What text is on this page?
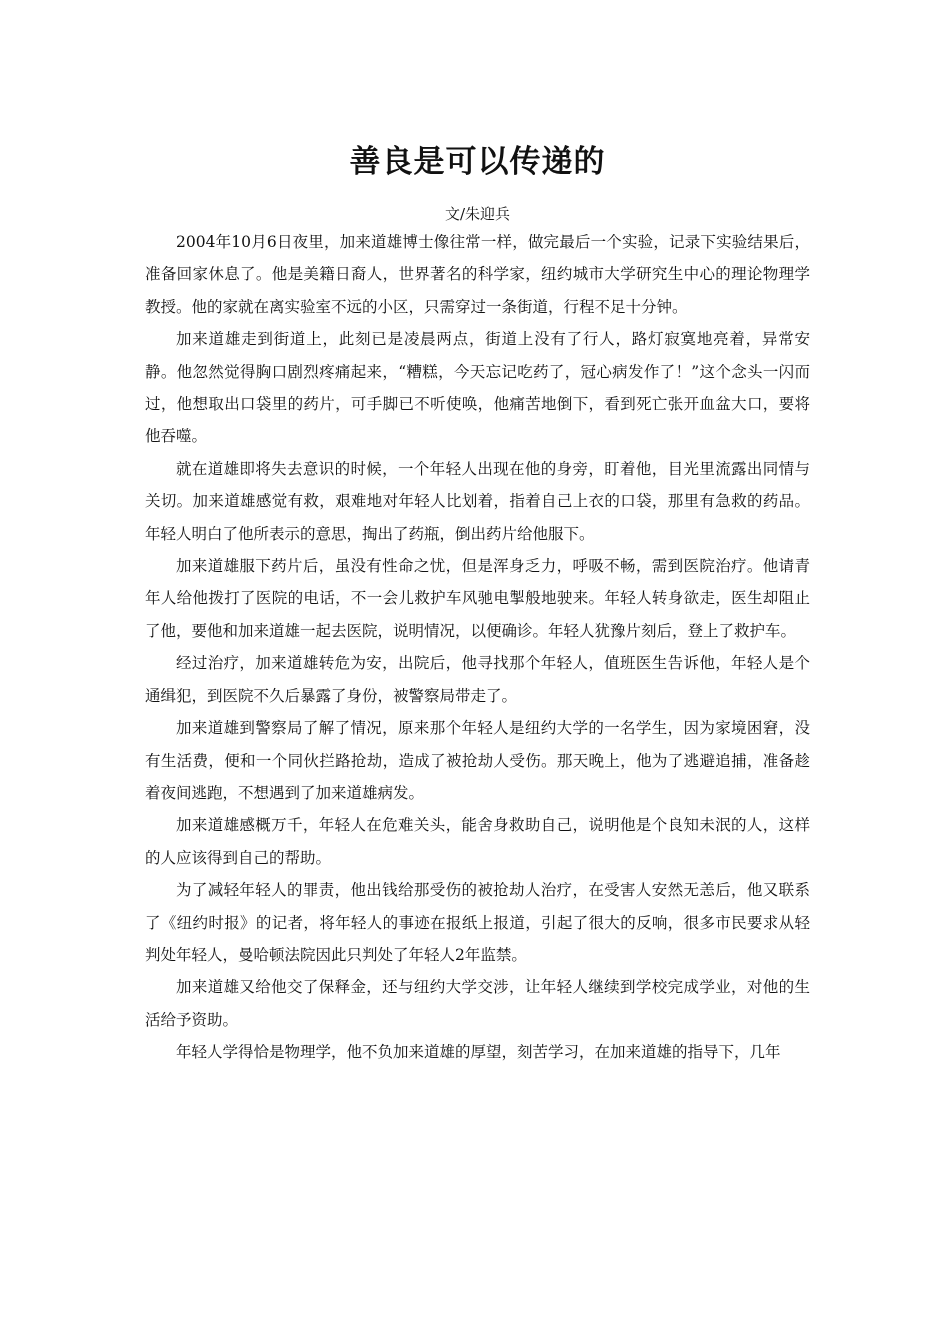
善良是可以传递的
文/朱迎兵

2004年10月6日夜里，加来道雄博士像往常一样，做完最后一个实验，记录下实验结果后，准备回家休息了。他是美籍日裔人，世界著名的科学家，纽约城市大学研究生中心的理论物理学教授。他的家就在离实验室不远的小区，只需穿过一条街道，行程不足十分钟。

加来道雄走到街道上，此刻已是凌晨两点，街道上没有了行人，路灯寂寞地亮着，异常安静。他忽然觉得胸口剧烈疼痛起来，“糟糕，今天忘记吃药了，冠心病发作了！”这个念头一闪而过，他想取出口袋里的药片，可手脚已不听使唤，他痛苦地倒下，看到死亡张开血盆大口，要将他吞噬。

就在道雄即将失去意识的时候，一个年轻人出现在他的身旁，盯着他，目光里流露出同情与关切。加来道雄感觉有救，艰难地对年轻人比划着，指着自己上衣的口袋，那里有急救的药品。年轻人明白了他所表示的意思，掏出了药瓶，倒出药片给他服下。

加来道雄服下药片后，虽没有性命之忧，但是浑身乏力，呼吸不畅，需到医院治疗。他请青年人给他拨打了医院的电话，不一会儿救护车风驰电掣般地驶来。年轻人转身欲走，医生却阻止了他，要他和加来道雄一起去医院，说明情况，以便确诊。年轻人犹豫片刻后，登上了救护车。

经过治疗，加来道雄转危为安，出院后，他寻找那个年轻人，值班医生告诉他，年轻人是个通缉犯，到医院不久后暴露了身份，被警察局带走了。

加来道雄到警察局了解了情况，原来那个年轻人是纽约大学的一名学生，因为家境困窘，没有生活费，便和一个同伙拦路抢劫，造成了被抢劫人受伤。那天晚上，他为了逃避追捕，准备趁着夜间逃跑，不想遇到了加来道雄病发。

加来道雄感概万千，年轻人在危难关头，能舍身救助自己，说明他是个良知未泯的人，这样的人应该得到自己的帮助。

为了减轻年轻人的罪责，他出钱给那受伤的被抢劫人治疗，在受害人安然无恙后，他又联系了《纽约时报》的记者，将年轻人的事迹在报纸上报道，引起了很大的反响，很多市民要求从轻判处年轻人，曼哈顿法院因此只判处了年轻人2年监禁。

加来道雄又给他交了保释金，还与纽约大学交涉，让年轻人继续到学校完成学业，对他的生活给予资助。

年轻人学得恰是物理学，他不负加来道雄的厚望，刻苦学习，在加来道雄的指导下，几年
